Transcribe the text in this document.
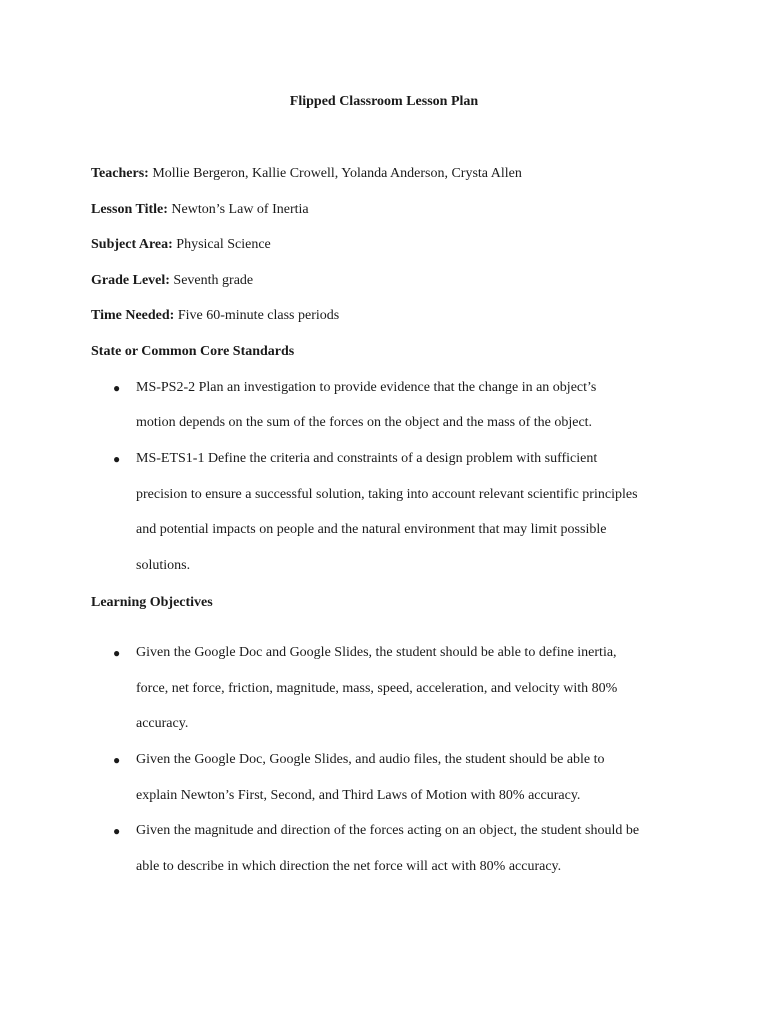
Flipped Classroom Lesson Plan
Teachers: Mollie Bergeron, Kallie Crowell, Yolanda Anderson, Crysta Allen
Lesson Title: Newton’s Law of Inertia
Subject Area: Physical Science
Grade Level: Seventh grade
Time Needed: Five 60-minute class periods
State or Common Core Standards
● MS-PS2-2 Plan an investigation to provide evidence that the change in an object’s
motion depends on the sum of the forces on the object and the mass of the object.
● MS-ETS1-1 Define the criteria and constraints of a design problem with sufficient
precision to ensure a successful solution, taking into account relevant scientific principles
and potential impacts on people and the natural environment that may limit possible
solutions.
Learning Objectives
● Given the Google Doc and Google Slides, the student should be able to define inertia,
force, net force, friction, magnitude, mass, speed, acceleration, and velocity with 80%
accuracy.
● Given the Google Doc, Google Slides, and audio files, the student should be able to
explain Newton’s First, Second, and Third Laws of Motion with 80% accuracy.
● Given the magnitude and direction of the forces acting on an object, the student should be
able to describe in which direction the net force will act with 80% accuracy.
